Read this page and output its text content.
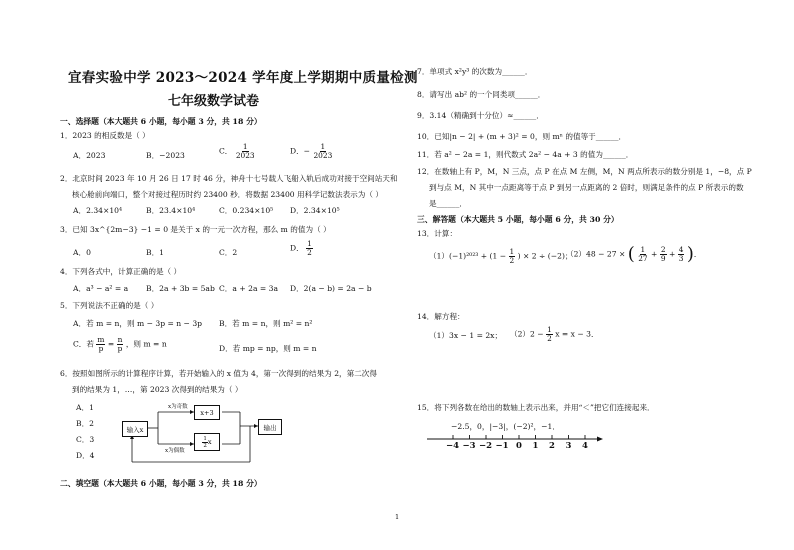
宜春实验中学 2023～2024 学年度上学期期中质量检测
七年级数学试卷
一、选择题（本大题共 6 小题，每小题 3 分，共 18 分）
1．2023 的相反数是（ ）
A．2023	B．−2023	C． $\frac{1}{2023}$	D．− $\frac{1}{2023}$
2．北京时间 2023 年 10 月 26 日 17 时 46 分，神舟十七号载人飞船入轨后成功对接于空间站天和
核心舱前向端口，整个对接过程历时约 23400 秒．将数据 23400 用科学记数法表示为（ ）
A．2.34×10⁴	B．23.4×10⁴	C．0.234×10⁵ D．2.34×10⁵
3．已知 3x^{2m−3} −1 = 0 是关于 x 的一元一次方程，那么 m 的值为（ ）
A．0	B．1	C．2	D． $\frac{1}{2}$
4．下列各式中，计算正确的是（ ）
A．a³ − a² = a B．2a + 3b = 5ab C．a + 2a = 3a D．2(a − b) = 2a − b
5．下列说法不正确的是（ ）
A．若 m = n，则 m − 3p = n − 3p B．若 m = n，则 m² = n²
C．若 $\frac{m}{p} = \frac{n}{p}$ ，则 m = n	D．若 mp = np，则 m = n
6．按照如图所示的计算程序计算，若开始输入的 x 值为 4，第一次得到的结果为 2，第二次得
到的结果为 1，…，第 2023 次得到的结果为（ ）
A．1
B．2
C．3
D．4
输入x
x+3
$\frac{1}{2}$ x
输出
x为奇数
x为偶数
二、填空题（本大题共 6 小题，每小题 3 分，共 18 分）
7．单项式 x²y³ 的次数为______．
8．请写出 ab² 的一个同类项______．
9．3.14（精确到十分位）≈______．
10．已知|n − 2| + (m + 3)² = 0，则 mⁿ 的值等于______．
11．若 a² − 2a = 1，则代数式 2a² − 4a + 3 的值为______．
12．在数轴上有 P，M，N 三点，点 P 在点 M 左侧，M，N 两点所表示的数分别是 1，−8，点 P
到与点 M，N 其中一点距离等于点 P 到另一点距离的 2 倍时，则满足条件的点 P 所表示的数
是______．
三、解答题（本大题共 5 小题，每小题 6 分，共 30 分）
13．计算：
$(1)(-1)^{2023} + (1 - \frac{1}{2}$ ) × 2 ÷ (−2)；
（2）48 − 27 × ( $\frac{1}{27} + \frac{2}{9} + \frac{4}{3}$ )．
14．解方程：
（1）3x − 1 = 2x； $(2)2 - \frac{1}{2}$ x = x − 3．
15．将下列各数在给出的数轴上表示出来，并用“＜”把它们连接起来．
−2.5，0，|−3|，(−2)²，−1．
−4 −3 −2 −1 0 1 2 3 4
1
